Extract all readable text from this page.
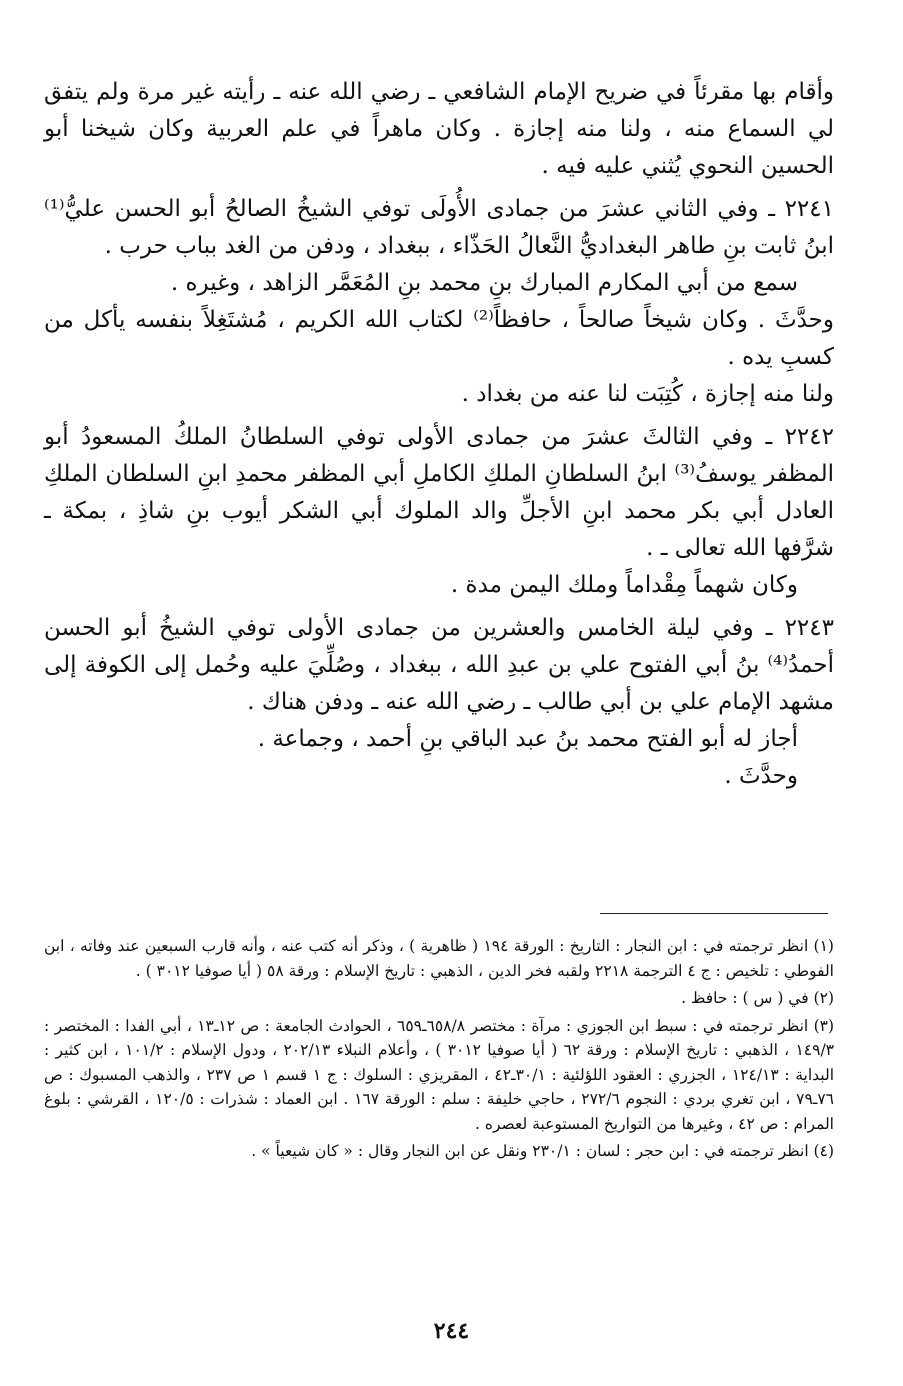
وأقام بها مقرئاً في ضريح الإمام الشافعي ـ رضي الله عنه ـ رأيته غير مرة ولم يتفق لي السماع منه ، ولنا منه إجازة . وكان ماهراً في علم العربية وكان شيخنا أبو الحسين النحوي يُثني عليه فيه .

٢٢٤١ ـ وفي الثاني عشرَ من جمادى الأُولَى توفي الشيخُ الصالحُ أبو الحسن عليُّ⁽¹⁾ ابنُ ثابت بنِ طاهر البغداديُّ النَّعالُ الحَذّاء ، ببغداد ، ودفن من الغد بباب حرب .

سمع من أبي المكارم المبارك بنِ محمد بنِ المُعَمَّر الزاهد ، وغيره .

وحدَّثَ . وكان شيخاً صالحاً ، حافظاً⁽²⁾ لكتاب الله الكريم ، مُشتَغِلاً بنفسه يأكل من كسبِ يده .

ولنا منه إجازة ، كُتِبَت لنا عنه من بغداد .

٢٢٤٢ ـ وفي الثالثَ عشرَ من جمادى الأولى توفي السلطانُ الملكُ المسعودُ أبو المظفر يوسفُ⁽³⁾ ابنُ السلطانِ الملكِ الكاملِ أبي المظفر محمدِ ابنِ السلطان الملكِ العادل أبي بكر محمد ابنِ الأجلِّ والد الملوك أبي الشكر أيوب بنِ شاذِ ، بمكة ـ شرَّفها الله تعالى ـ .

وكان شهماً مِقْداماً وملك اليمن مدة .

٢٢٤٣ ـ وفي ليلة الخامس والعشرين من جمادى الأولى توفي الشيخُ أبو الحسن أحمدُ⁽⁴⁾ بنُ أبي الفتوح علي بن عبدِ الله ، ببغداد ، وصُلِّيَ عليه وحُمل إلى الكوفة إلى مشهد الإمام علي بن أبي طالب ـ رضي الله عنه ـ ودفن هناك .

أجاز له أبو الفتح محمد بنُ عبد الباقي بنِ أحمد ، وجماعة .

وحدَّثَ .

(١) انظر ترجمته في : ابن النجار : التاريخ : الورقة ١٩٤ ( ظاهرية ) ، وذكر أنه كتب عنه ، وأنه قارب السبعين عند وفاته ، ابن الفوطي : تلخيص : ج ٤ الترجمة ٢٢١٨ ولقبه فخر الدين ، الذهبي : تاريخ الإسلام : ورقة ٥٨ ( أيا صوفيا ٣٠١٢ ) .

(٢) في ( س ) : حافظ .

(٣) انظر ترجمته في : سبط ابن الجوزي : مرآة : مختصر ٦٥٨/٨ـ٦٥٩ ، الحوادث الجامعة : ص ١٢ـ١٣ ، أبي الفدا : المختصر : ١٤٩/٣ ، الذهبي : تاريخ الإسلام : ورقة ٦٢ ( أيا صوفيا ٣٠١٢ ) ، وأعلام النبلاء ٢٠٢/١٣ ، ودول الإسلام : ١٠١/٢ ، ابن كثير : البداية : ١٢٤/١٣ ، الجزري : العقود اللؤلئية : ٣٠/١ـ٤٢ ، المقريزي : السلوك : ج ١ قسم ١ ص ٢٣٧ ، والذهب المسبوك : ص ٧٦ـ٧٩ ، ابن تغري بردي : النجوم ٢٧٢/٦ ، حاجي خليفة : سلم : الورقة ١٦٧ . ابن العماد : شذرات : ١٢٠/٥ ، القرشي : بلوغ المرام : ص ٤٢ ، وغيرها من التواريخ المستوعبة لعصره .

(٤) انظر ترجمته في : ابن حجر : لسان : ٢٣٠/١ ونقل عن ابن النجار وقال : « كان شيعياً » .

٢٤٤
